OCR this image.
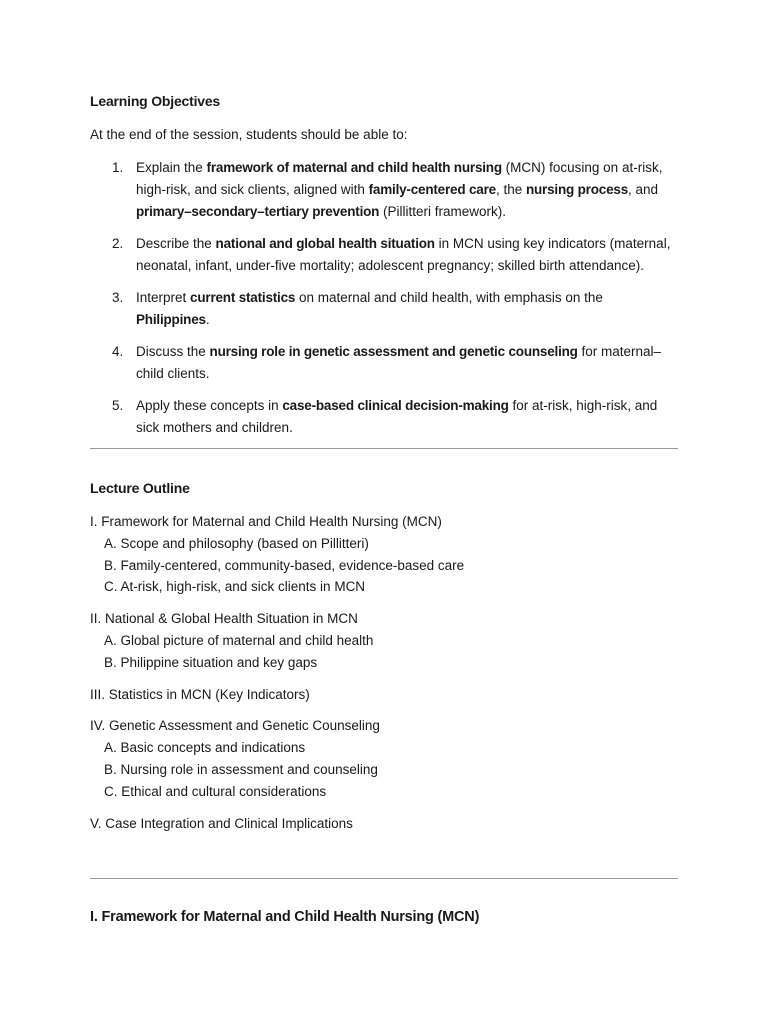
Learning Objectives
At the end of the session, students should be able to:
1. Explain the framework of maternal and child health nursing (MCN) focusing on at-risk, high-risk, and sick clients, aligned with family-centered care, the nursing process, and
primary–secondary–tertiary prevention (Pillitteri framework).
2. Describe the national and global health situation in MCN using key indicators (maternal, neonatal, infant, under-five mortality; adolescent pregnancy; skilled birth attendance).
3. Interpret current statistics on maternal and child health, with emphasis on the
Philippines.
4. Discuss the nursing role in genetic assessment and genetic counseling for maternal–child clients.
5. Apply these concepts in case-based clinical decision-making for at-risk, high-risk, and sick mothers and children.
Lecture Outline
I. Framework for Maternal and Child Health Nursing (MCN)
A. Scope and philosophy (based on Pillitteri)
B. Family-centered, community-based, evidence-based care
C. At-risk, high-risk, and sick clients in MCN
II. National & Global Health Situation in MCN
A. Global picture of maternal and child health
B. Philippine situation and key gaps
III. Statistics in MCN (Key Indicators)
IV. Genetic Assessment and Genetic Counseling
A. Basic concepts and indications
B. Nursing role in assessment and counseling
C. Ethical and cultural considerations
V. Case Integration and Clinical Implications
I. Framework for Maternal and Child Health Nursing (MCN)
